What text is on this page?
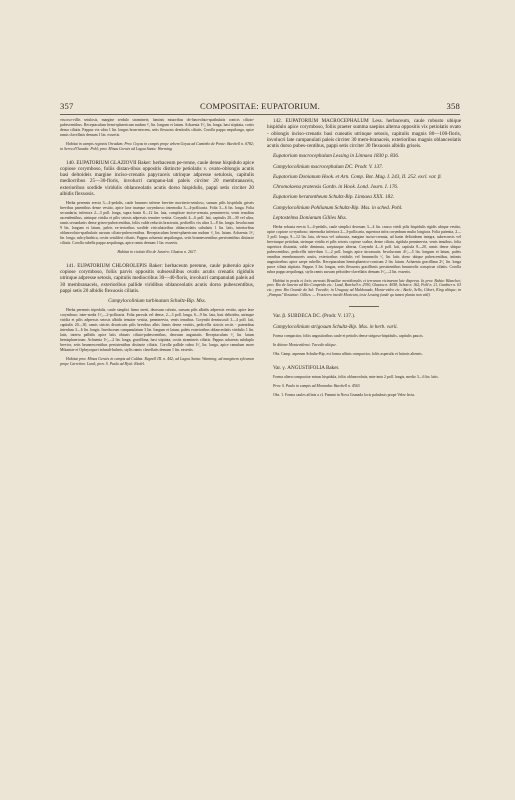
357	COMPOSITAE: EUPATORIUM.	358

viscoso-villis setulosis, margine serdulo stramineis; laminis miuoribus ob-lanceolato-spathulatis conicis ciliato-pubescentibus. Receptaculum hemi-sphaericum nudum ¹⁄₂ lin. longum et latum. Achaenia 1¹⁄₃ lin. longa, basi stipitata, costis densa ciliatis. Pappus vix ultra 1 lin. longus brun-nescens, setis flexuosis denticulis ciliatis. Corolla pappo aequilonga, apice ramis clavellatis demum 1 lin. exsertis.

Habitat in campis regionis Orcadum. Prov. Goyas in campis prope urbem Goyaz ad Caminho de Ponte: Burchell n. 6782; in Serra d'Ourada: Pohl; prov. Minas Geraës ad Lagoa Santa: Warming.

140. EUPATORIUM GLAZIOVII Baker: herbaceum pe-renne, caule dense hispidulo apice copiose corymboso, foliis distan-tibus oppositis distincte petiolatis v. ovato-oblongis acutis basi deltoideis margine inciso-crenatis papyraceis utrinque adpresse setulosis, capitulis mediocribus 25—30-floris, involucri campanu-lati paleis circiter 20 membranaceis, exterioribus sordide viridulis oblanceolatis acutis dorso hispidulis, pappi setis circiter 20 albidis flexuosis.

Herba perennis erecta 3—4-pedalis, caule brunneo inferne breviter moriterio-setuloso, sursum pilis hispidulis griseis brevibus patentibus dense vestito, apice laxe inaeque corymboso; internodia 3—4-pollicaria. Folia 3—6 lin. longa. Folia secundaria, inferiora 2—3 poll. longa, supra basin 8—12 lin. lata, complicae incise-crenata, penninervia, venis tenuibus ascendentibus, utrinque viridia et pilis setosis adpressis tenuiter vestita. Corymbi 4—6 poll. lati, capitulis 20—30 vel ultra, ramis secundariis dense griseo-pubescentibus, foliis valde reductis bracteatis, pedicellis vix ultra 3—8 lin. longis. Involucrum 9 lin. longum et latum, paleis ex-terioribus sordide viriculatoribus oblanceolatis subulatis 1 lin. latis, interioribus oblanceolato-spathulatis sursum ciliato-pubescentibus. Receptaculum hemi-sphaericum nudum ¹⁄₂ lin. latum. Achaenia 1¹⁄₂ lin. longa, subcylindrica, costis setuliferi ciliatis. Pappus achaenio aequilongus, setis brunnescentibus persistentibus distincte ciliatis. Corolla rubella pappo aequilonga, apice ramis demum 1 lin. exsertis.

Habitat in civitate Rio de Janeiro: Glaziou n. 2617.

141. EUPATORIUM CHLOROLEPIS Baker: herbaceum perenne, caule puberulo apice copiose corymboso, foliis parvis oppositis subsessilibus ovatis acutis crenatis rigidulis utrinque adpresse setosis, capitulis mediocribus 30—40-floris, involucri campanulati paleis ad 30 membranaceis, exterioribus pallide viridibus oblanceolatis acutis dorso pubescentibus, pappi setis 20 albidis flexuosis ciliatis.

Campylocolinium turbinatum Schultz-Bip. Mss.

Herba perennis tripedalis, caule simplici firmo tereti, deorsum calvato, sursum pilis albidis adpressis vestito, apice laxe corymboso; inter-nodia 1¹⁄₂—2-pollicaria. Folia parvula vel dense, 2—3 poll. longa, 6—9 lin. lata, basi deltoidea, utrinque viridia et pilis adpressis setosis albidis tenuiter vestita, penninervia, venis tenuibus. Corymbi densiusculi 3—4 poll. lati, capitulis 20—30, ramis strictis divaricatis pilis brevibus albis firmis dense vestitis, pedicellis strictis rectis - patentibus interdum 3—6 lin. longis. Involucrum campanulatum 3 lin. longum et latum, paleis exterioribus oblanceolatis viridulis 1 lin. latis, interiu pallidis apice latis obtusis ciliato-pubescentibus, deorsum angustatis. Receptaculum ¹⁄₂ lin. latum hemisphaericum. Achaenia 1¹⁄₂—2 lin. longa, gracillima, basi stipitata, costis stramineis ciliatis. Pappus achaenio subduplo brevior, setis brunnescentibus persistentibus distincte ciliatis. Corolla pallide rubra 1¹⁄₂ lin. longa, apice ramulum more Mikaniae et Ophryospori infundi-bularis, stylis ramis clavellatis demum 1 lin. exsertis.

Habitat prov. Minas Geraës in campis ad Caldas: Regnell III. n. 442; ad Lagoa Santa: Warming; ad marginem sylvarum prope Carretino: Lund; prov. S. Paulo ad Hytú: Riedel.

142. EUPATORIUM MACROCEPHALUM Less. herbaceum, caule robusto ubique hispidulo apice corymboso, foliis praeter summa saepius alterna oppositis vix petiolatis ovato - oblongis inciso-crenatis basi cuneatis utrinque setosis, capitulis magnis 80—100-floris, involucri late campanulati paleis circiter 30 mem-branaceis, exterioribus magnis oblanceolatis acutis dorso pubes-centibus, pappi setis circiter 30 flexuosis albidis griseis.

Eupatorium macrocephalum Lessing in Linnaea 1830 p. 836.

Campylocolinium macrocephalum DC. Prodr. V. 137.

Eupatorium Donianum Hook. et Arn. Comp. Bot. Mag. I. 243, II. 252. excl. var. β.

Chromolaena pratensis Gardn. in Hook. Lond. Journ. I. 176.

Eupatorium heratontheum Schultz-Bip. Linnaea XXX. 182.

Campylocolinium Pohlianum Schultz-Bip. Mss. in sched. Pohl.

Leptostelma Donianum Gillies Mss.

Herba robusta erecta 3—4-pedalis, caule simplici deorsum 3—4 lin. crasso viridi pilis hispidulis rigidis ubique vestito, apice copiose co-rymboso; internodia inferiora 2—3-pollicaria, superiora infra corymbum multo longiora. Folia patentia, 2—3 poll. longa, 9—12 lin. lata, ob-tusa vel subacuta, margine inciso-crenata, ad basin deltoideam integra, subrecurvis vel breviusque petiolata, utrinque viridia et pilis setosis copiose scabra, dense ciliata, rigidula penninervia, venis tenuibus, folia superiora distantia, valde diminuta, saepiusque alterna. Corymbi 4—6 poll. lati, capitula 8—20, ramis dense ubique pubescentibus, pedicellis inter-dum 1—2 poll. longis apice incrassatis. Involucrum 4¹⁄₂—5 lin. longum et latum, paleis omnibus membranaceis acutis, exterioribus viridulis vel brunneolis ¹⁄₂ lin. latis dorso ubique pubescentibus, intimis angustioribus apice saepe rubellis. Receptaculum hemisphaerico-conicum 2 lin. latum. Achaenia gracillima 2¹⁄₂ lin. longa parce ciliata stipitata. Pappus 3 lin. longus, setis flexuosis gracillimis persistentibus brunneolis conspicue ciliatis. Corolla rubra pappo aequilonga, stylis ramis sursum peltoideo-clavellatis demum 1¹⁄₂—2 lin. exsertis.

Habitat in pratis et locis arenosis Brasiliae meridionalis et terrarum vicinarum late dispersa. In prov. Bahia: Blanchet; prov. Rio de Janeiro ad Rio Comprido etc.: Lund, Burchell n. 2930, Glaziou n. 4058, Schott n. 362, Pohl n. 21, Gardner n. 63 etc.; prov. Rio Grande do Sul: Tweedie; in Uruguay ad Maldonado, Monte-video etc.: Bacle, Sello, Gibert, King aliique; in „Pampas" Rosariae: Gillies. — Fructerro incolit Mexicum, teste Lessing (unde qu tamen planta non vidi).

Var. β. SUBDECA DC. (Prodr. V. 137.).

Campylocolinium strigosum Schultz-Bip. Mss. in herb. varii.

Forma compactior, foliis angustioribus caule et petiolis dense strigoso-hispidulis, capitulis paucis.

In ditione Montevidensi: Tweedie aliique.

Obs. Camp. asperum Schultz-Bip. est forma affinis compactior, foliis asperulis et latioris alternis.

Var. γ. ANGUSTIFOLIA Baker.

Forma altera compactior minus hispidula, foliis oblanceolatis, min-imis 2 poll. longis, medio 3—6 lin. latis.

Prov. S. Paulo in campis ad Moramba: Burchell n. 4563.

Obs. 1. Forma caules affinis a cl. Pummt in Nova Granada locis paludosis prope Velez lecta.
